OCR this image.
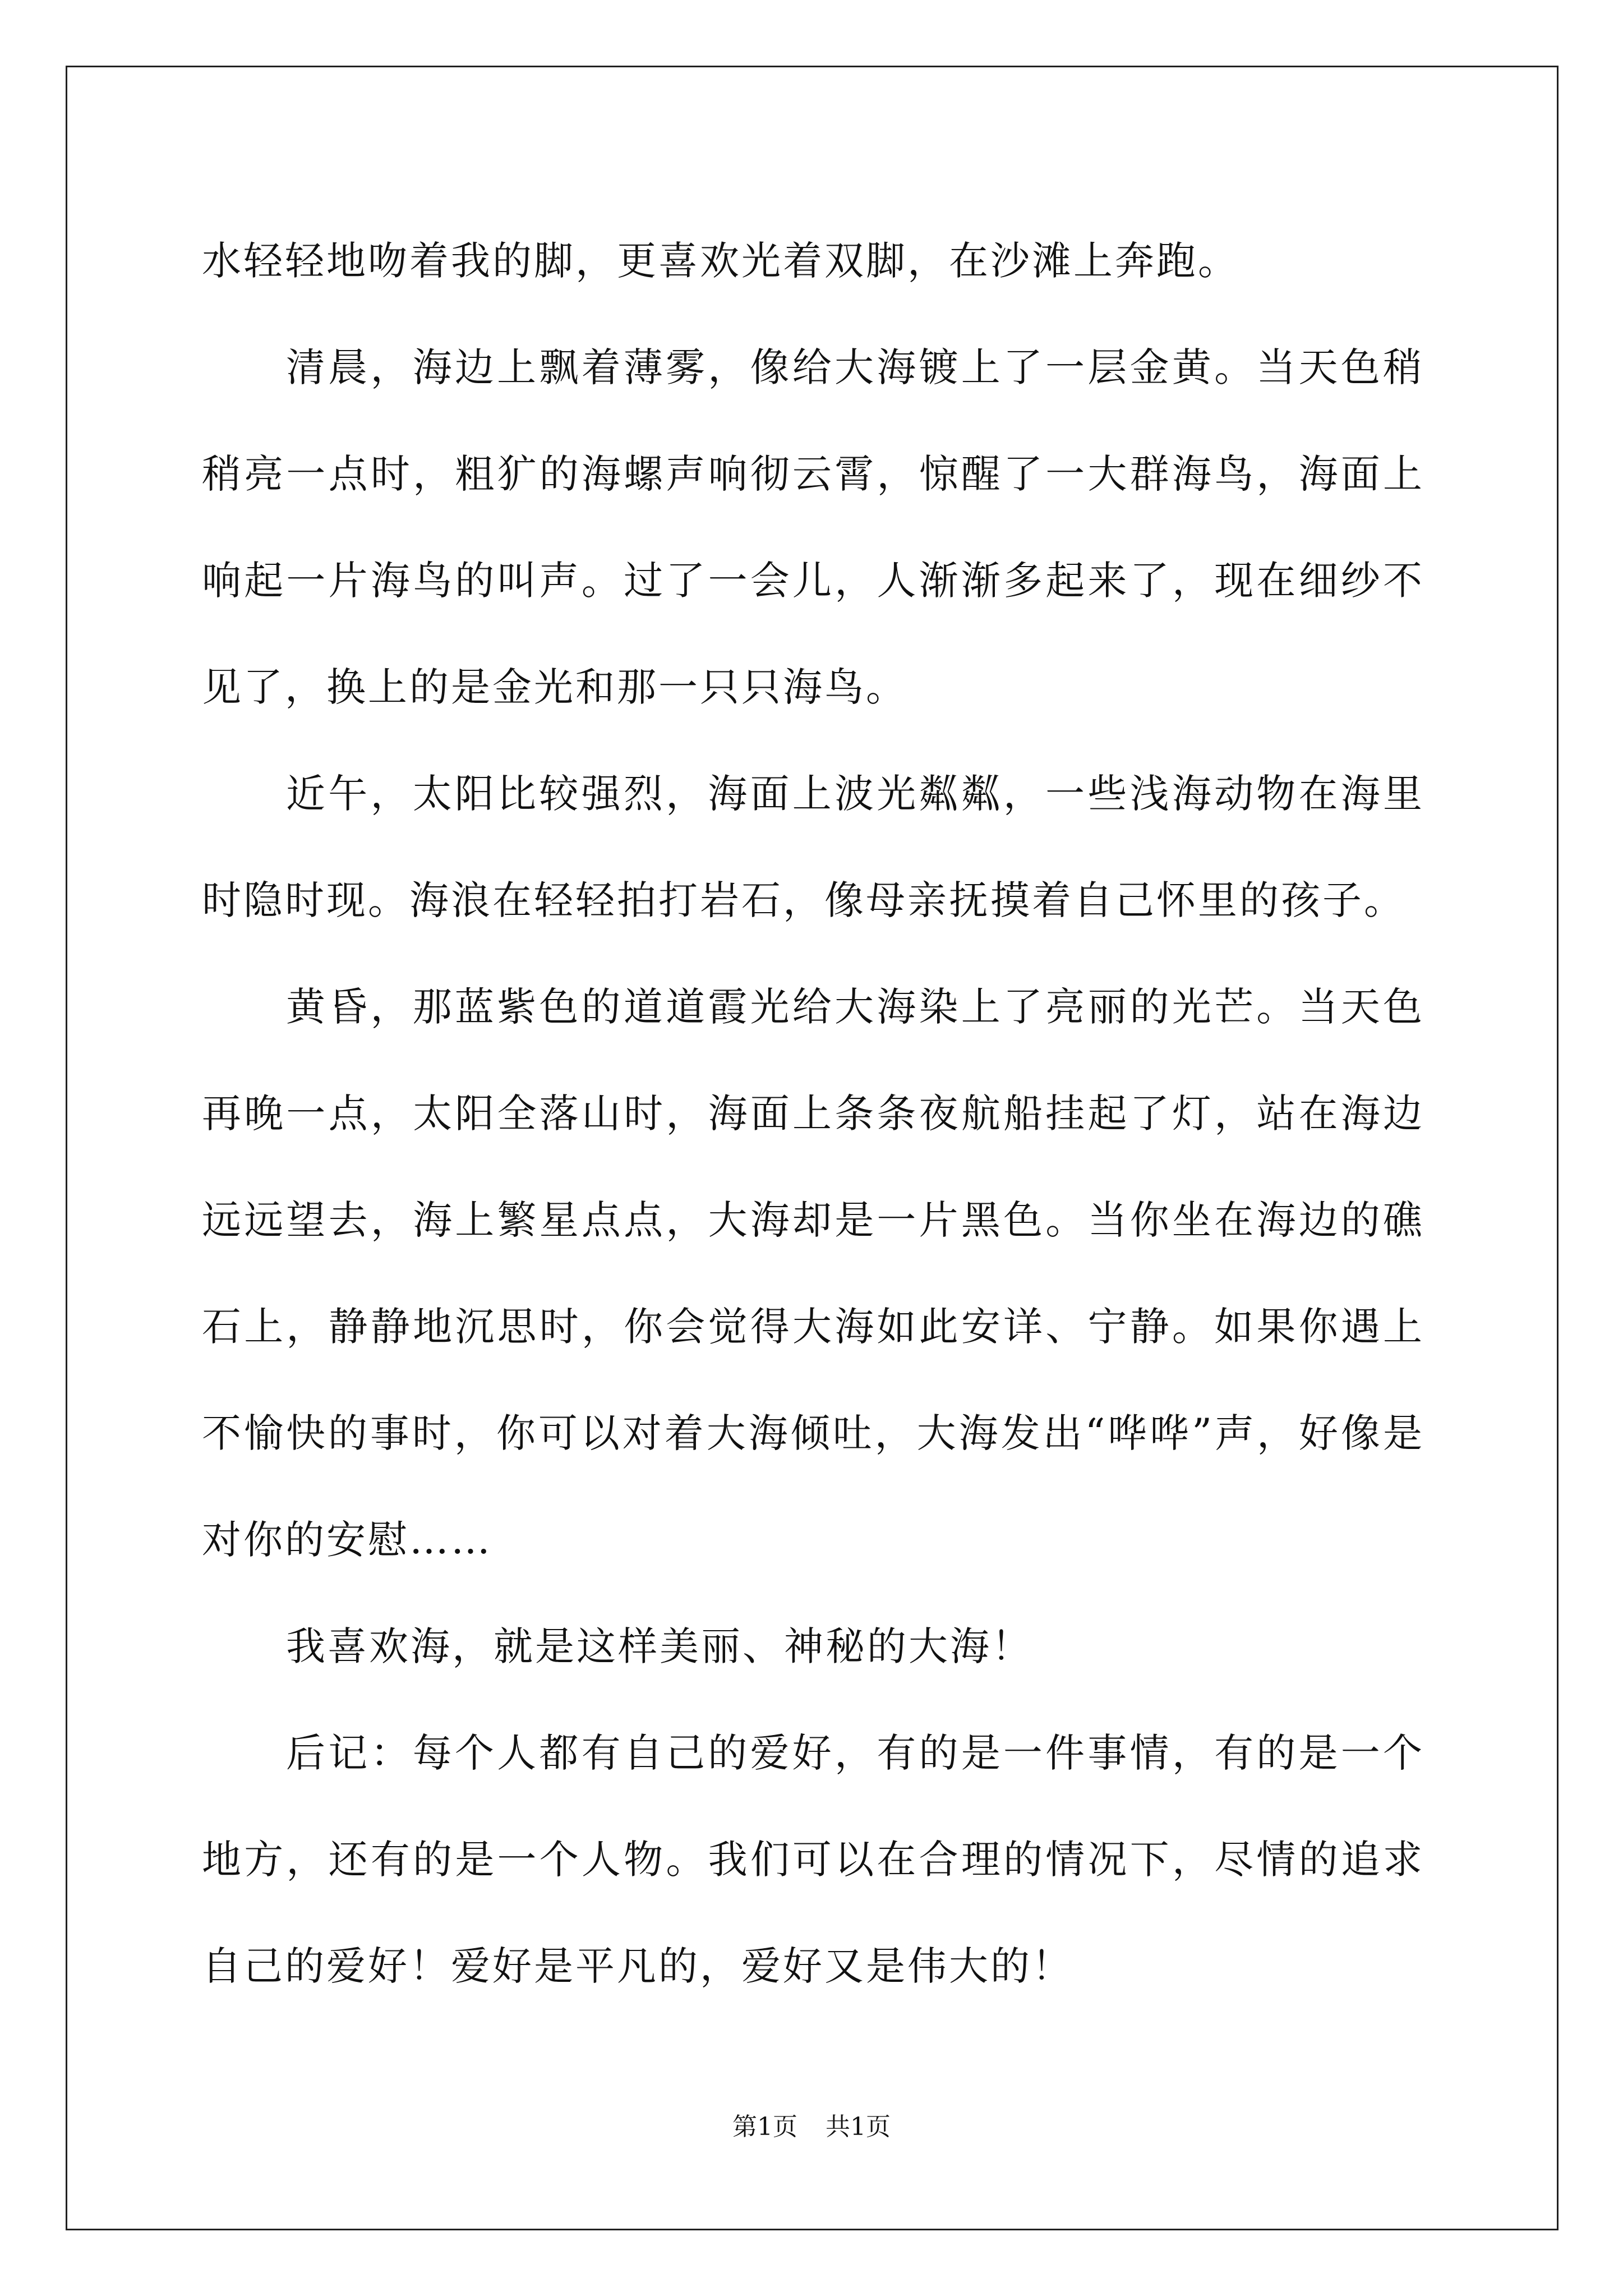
水轻轻地吻着我的脚，更喜欢光着双脚，在沙滩上奔跑。

清晨，海边上飘着薄雾，像给大海镀上了一层金黄。当天色稍稍亮一点时，粗犷的海螺声响彻云霄，惊醒了一大群海鸟，海面上响起一片海鸟的叫声。过了一会儿，人渐渐多起来了，现在细纱不见了，换上的是金光和那一只只海鸟。

近午，太阳比较强烈，海面上波光粼粼，一些浅海动物在海里时隐时现。海浪在轻轻拍打岩石，像母亲抚摸着自己怀里的孩子。

黄昏，那蓝紫色的道道霞光给大海染上了亮丽的光芒。当天色再晚一点，太阳全落山时，海面上条条夜航船挂起了灯，站在海边远远望去，海上繁星点点，大海却是一片黑色。当你坐在海边的礁石上，静静地沉思时，你会觉得大海如此安详、宁静。如果你遇上不愉快的事时，你可以对着大海倾吐，大海发出“哗哗”声，好像是对你的安慰……

我喜欢海，就是这样美丽、神秘的大海！

后记：每个人都有自己的爱好，有的是一件事情，有的是一个地方，还有的是一个人物。我们可以在合理的情况下，尽情的追求自己的爱好！爱好是平凡的，爱好又是伟大的！

第1页 共1页
